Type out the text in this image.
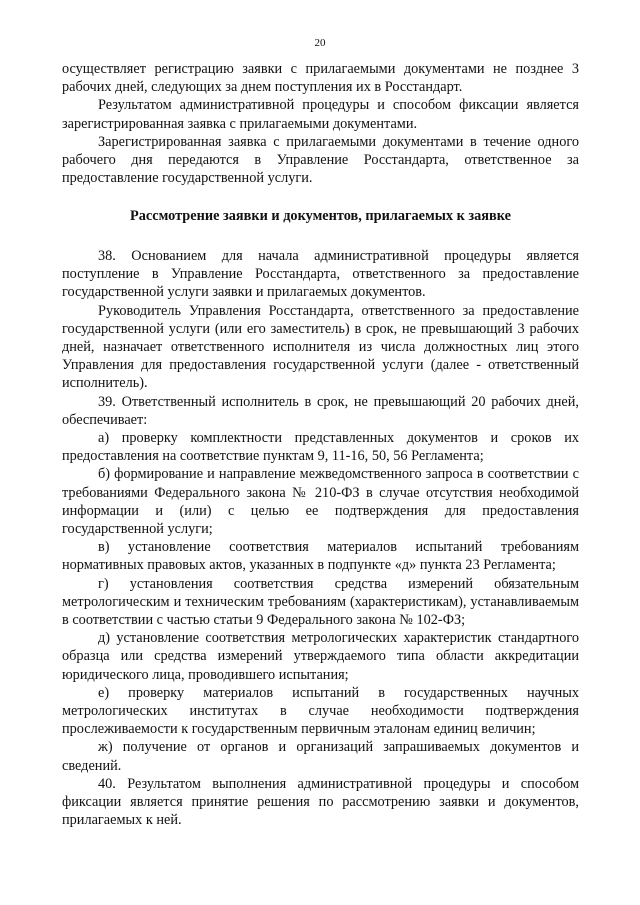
20

осуществляет регистрацию заявки с прилагаемыми документами не позднее 3 рабочих дней, следующих за днем поступления их в Росстандарт.

Результатом административной процедуры и способом фиксации является зарегистрированная заявка с прилагаемыми документами.

Зарегистрированная заявка с прилагаемыми документами в течение одного рабочего дня передаются в Управление Росстандарта, ответственное за предоставление государственной услуги.

Рассмотрение заявки и документов, прилагаемых к заявке

38. Основанием для начала административной процедуры является поступление в Управление Росстандарта, ответственного за предоставление государственной услуги заявки и прилагаемых документов.

Руководитель Управления Росстандарта, ответственного за предоставление государственной услуги (или его заместитель) в срок, не превышающий 3 рабочих дней, назначает ответственного исполнителя из числа должностных лиц этого Управления для предоставления государственной услуги (далее - ответственный исполнитель).

39. Ответственный исполнитель в срок, не превышающий 20 рабочих дней, обеспечивает:

а) проверку комплектности представленных документов и сроков их предоставления на соответствие пунктам 9, 11-16, 50, 56 Регламента;

б) формирование и направление межведомственного запроса в соответствии с требованиями Федерального закона № 210-ФЗ в случае отсутствия необходимой информации и (или) с целью ее подтверждения для предоставления государственной услуги;

в) установление соответствия материалов испытаний требованиям нормативных правовых актов, указанных в подпункте «д» пункта 23 Регламента;

г) установления соответствия средства измерений обязательным метрологическим и техническим требованиям (характеристикам), устанавливаемым в соответствии с частью статьи 9 Федерального закона № 102-ФЗ;

д) установление соответствия метрологических характеристик стандартного образца или средства измерений утверждаемого типа области аккредитации юридического лица, проводившего испытания;

е) проверку материалов испытаний в государственных научных метрологических институтах в случае необходимости подтверждения прослеживаемости к государственным первичным эталонам единиц величин;

ж) получение от органов и организаций запрашиваемых документов и сведений.

40. Результатом выполнения административной процедуры и способом фиксации является принятие решения по рассмотрению заявки и документов, прилагаемых к ней.
